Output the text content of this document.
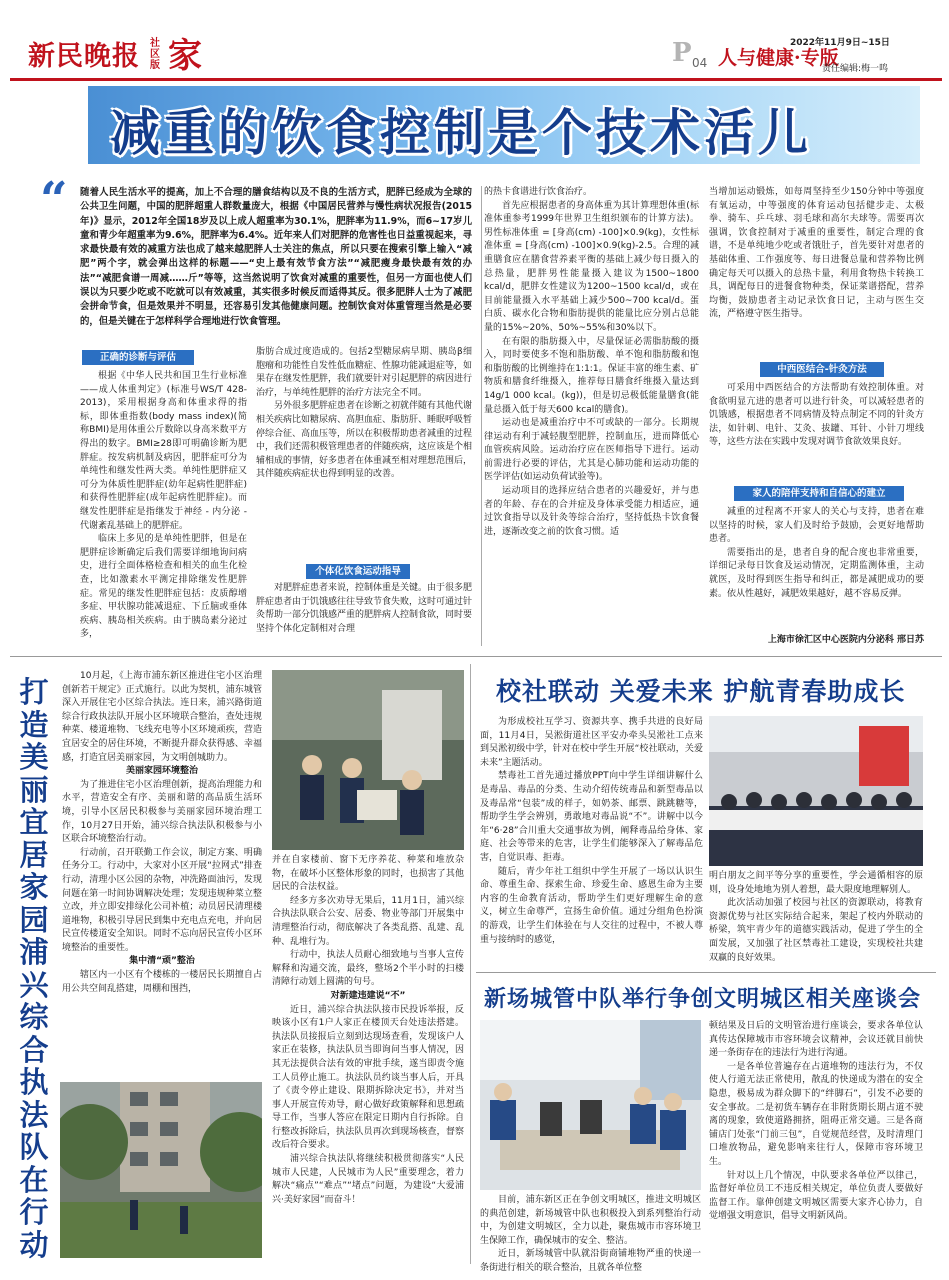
新民晚报 社区版 家	P 04 人与健康·专版
2022年11月9日~15日
责任编辑:梅一鸣
减重的饮食控制是个技术活儿
“ 随着人民生活水平的提高，加上不合理的膳食结构以及不良的生活方式，肥胖已经成为全球的公共卫生问题，中国的肥胖超重人群数量庞大，根据《中国居民营养与慢性病状况报告(2015年)》显示，2012年全国18岁及以上成人超重率为30.1%，肥胖率为11.9%，而6~17岁儿童和青少年超重率为9.6%，肥胖率为6.4%。近年来人们对肥胖的危害性也日益重视起来，寻求最快最有效的减重方法也成了越来越肥胖人士关注的焦点，所以只要在搜索引擎上输入“减肥”两个字，就会弹出这样的标题——“史上最有效节食方法”“减肥瘦身最快最有效的办法”“减肥食谱一周减……斤”等等，这当然说明了饮食对减重的重要性，但另一方面也使人们误以为只要少吃或不吃就可以有效减重，其实很多时候反而适得其反。很多肥胖人士为了减肥会拼命节食，但是效果并不明显，还容易引发其他健康问题。控制饮食对体重管理当然是必要的，但是关键在于怎样科学合理地进行饮食管理。
正确的诊断与评估

根据《中华人民共和国卫生行业标准——成人体重判定》(标准号WS/T 428-2013)，采用根据身高和体重求得的指标，即体重指数(body mass index)(简称BMI)是用体重公斤数除以身高米数平方得出的数字。BMI≥28即可明确诊断为肥胖症。按发病机制及病因，肥胖症可分为单纯性和继发性两大类。单纯性肥胖症又可分为体质性肥胖症(幼年起病性肥胖症)和获得性肥胖症(成年起病性肥胖症)。而继发性肥胖症是指继发于神经 - 内分泌 - 代谢紊乱基础上的肥胖症。

临床上多见的是单纯性肥胖，但是在肥胖症诊断确定后我们需要详细地询问病史，进行全面体格检查和相关的血生化检查，比如激素水平测定排除继发性肥胖症。常见的继发性肥胖症包括：皮质醇增多症、甲状腺功能减退症、下丘脑或垂体疾病、胰岛相关疾病。由于胰岛素分泌过多，

脂肪合成过度造成的。包括2型糖尿病早期、胰岛β细胞瘤和功能性自发性低血糖症、性腺功能减退症等，如果存在继发性肥胖，我们就要针对引起肥胖的病因进行治疗，与单纯性肥胖的治疗方法完全不同。

另外很多肥胖症患者在诊断之初就伴随有其他代谢相关疾病比如糖尿病、高胆血症、脂肪肝、睡眠呼吸暂停综合征、高血压等，所以在积极帮助患者减重的过程中，我们还需积极管理患者的伴随疾病，这应该是个相辅相成的事情，好多患者在体重减至相对理想范围后，其伴随疾病症状也得到明显的改善。

个体化饮食运动指导

对肥胖症患者来说，控制体重是关键。由于很多肥胖症患者由于饥饿感往往导致节食失败，这时可通过针灸帮助一部分饥饿感严重的肥胖病人控制食欲，同时要坚持个体化定制相对合理

的热卡食谱进行饮食治疗。

首先应根据患者的身高体重为其计算理想体重(标准体重参考1999年世界卫生组织颁布的计算方法)。男性标准体重 = [身高(cm) -100]×0.9(kg)，女性标准体重 = [身高(cm) -100]×0.9(kg)-2.5。合理的减重膳食应在膳食营养素平衡的基础上减少每日摄入的总热量，肥胖男性能量摄入建议为1500~1800 kcal/d，肥胖女性建议为1200~1500 kcal/d，或在目前能量摄入水平基础上减少500~700 kcal/d。蛋白质、碳水化合物和脂肪提供的能量比应分别占总能量的15%~20%、50%~55%和30%以下。

在有限的脂肪摄入中，尽量保证必需脂肪酸的摄入，同时要使多不饱和脂肪酸、单不饱和脂肪酸和饱和脂肪酸的比例维持在1:1:1。保证丰富的维生素、矿物质和膳食纤维摄入，推荐每日膳食纤维摄入量达到14g/1 000 kcal。(kg))，但是切忌极低能量膳食(能量总摄入低于每天600 kcal的膳食)。

运动也是减重治疗中不可或缺的一部分。长期规律运动有利于减轻腹型肥胖，控制血压，进而降低心血管疾病风险。运动治疗应在医师指导下进行。运动前需进行必要的评估，尤其是心肺功能和运动功能的医学评估(如运动负荷试验等)。

运动项目的选择应结合患者的兴趣爱好，并与患者的年龄、存在的合并症及身体承受能力相适应，通过饮食指导以及针灸等综合治疗，坚持低热卡饮食餐进，逐渐改变之前的饮食习惯。适

当增加运动锻炼，如每周坚持至少150分钟中等强度有氧运动，中等强度的体育运动包括健步走、太极拳、骑车、乒乓球、羽毛球和高尔夫球等。需要再次强调，饮食控制对于减重的重要性，制定合理的食谱，不是单纯地少吃或者饿肚子，首先要针对患者的基础体重、工作强度等、每日进餐总量和营养物比例确定每天可以摄入的总热卡量，利用食物热卡转换工具，调配每日的进餐食物种类，保证菜谱搭配，营养均衡，鼓励患者主动记录饮食日记，主动与医生交流，严格遵守医生指导。

中西医结合-针灸方法

可采用中西医结合的方法帮助有效控制体重。对食欲明显亢进的患者可以进行针灸，可以减轻患者的饥饿感，根据患者不同病情及特点制定不同的针灸方法，如针刺、电针、艾灸、拔罐、耳针、小针刀埋线等，这些方法在实践中发现对调节食欲效果良好。

家人的陪伴支持和自信心的建立

减重的过程离不开家人的关心与支持，患者在难以坚持的时候，家人们及时给予鼓励，会更好地帮助患者。

需要指出的是，患者自身的配合度也非常重要，详细记录每日饮食及运动情况，定期监测体重，主动就医，及时得到医生指导和纠正，都是减肥成功的要素。依从性越好，减肥效果越好，越不容易反弹。

上海市徐汇区中心医院内分泌科 邢日苏
打造美丽宜居家园 浦兴综合执法队在行动

10月起，《上海市浦东新区推进住宅小区治理创新若干规定》正式施行。以此为契机，浦东城管深入开展住宅小区综合执法。连日来，浦兴路街道综合行政执法队开展小区环境联合整治，查处违规种菜、楼道堆物、飞线充电等小区环境顽疾，营造宜居安全的居住环境，不断提升群众获得感、幸福感，打造宜居美丽家园，为文明创城助力。

美丽家园环境整治

为了推进住宅小区治理创新，提高治理能力和水平，营造安全有序、美丽和谐的高品质生活环境，引导小区居民积极参与美丽家园环境治理工作，10月27日开始，浦兴综合执法队积极参与小区联合环境整治行动。

行动前，召开联勤工作会议，制定方案、明确任务分工。行动中，大家对小区开展“拉网式”排查行动，清理小区公园的杂物，冲洗路面油污，发现问题在第一时间协调解决处理；发现违规种菜立整立改，并立即安排绿化公司补植；动员居民清理楼道堆物，积极引导居民到集中充电点充电，并向居民宣传楼道安全知识。同时不忘向居民宣传小区环境整治的重要性。

集中清“顽”整治

辖区内一小区有个楼栋的一楼居民长期擅自占用公共空间乱搭建，周棚和围挡，

并在自家楼前、窗下无序养花、种菜和堆放杂物，在破坏小区整体形象的同时，也损害了其他居民的合法权益。

经多方多次劝导无果后，11月1日，浦兴综合执法队联合公安、居委、物业等部门开展集中清理整治行动，彻底解决了各类乱搭、乱建、乱种、乱堆行为。

行动中，执法人员耐心细致地与当事人宣传解释和沟通交流，最终，整场2个半小时的扫楼清障行动划上圆满的句号。

对新建违建说“不”

近日，浦兴综合执法队接市民投诉举报，反映该小区有1户人家正在楼顶天台处违法搭建。执法队员接报后立刻到达现场查看，发现该户人家正在装修，执法队员当即询问当事人情况，因其无法提供合法有效的审批手续，遂当即责令施工人员停止施工。执法队员约谈当事人后，开具了《责令停止建设、限期拆除决定书》，并对当事人开展宣传劝导，耐心做好政策解释和思想疏导工作，当事人答应在限定日期内自行拆除。自行整改拆除后，执法队员再次到现场核查，督察改后符合要求。

浦兴综合执法队将继续积极贯彻落实“人民城市人民建，人民城市为人民”重要理念，着力解决“痛点”“难点”“堵点”问题，为建设“大爱浦兴·美好家园”而奋斗！

校社联动 关爱未来 护航青春助成长

为形成校社互学习、资源共享、携手共进的良好局面，11月4日，吴淞街道社区平安办牵头吴淞社工点来到吴淞初级中学，针对在校中学生开展“校社联动，关爱未来”主题活动。

禁毒社工首先通过播放PPT向中学生详细讲解什么是毒品、毒品的分类、生动介绍传统毒品和新型毒品以及毒品常“包装”成的样子，如奶茶、邮票、跳跳糖等，帮助学生学会辨别，勇敢地对毒品说“不”。讲解中以今年“6·28”合川重大交通事故为例，阐释毒品给身体、家庭、社会等带来的危害，让学生们能够深入了解毒品危害，自觉识毒、拒毒。

随后，青少年社工组织中学生开展了一场以认识生命、尊重生命、探索生命、珍爱生命、感恩生命为主要内容的生命教育活动，帮助学生们更好理解生命的意义，树立生命尊严，宣扬生命价值。通过分组角色扮演的游戏，让学生们体验在与人交往的过程中，不被人尊重与接纳时的感觉，

明白朋友之间平等分享的重要性，学会通循相容的原则，设身处地地为别人着想，最大限度地理解别人。

此次活动加强了校园与社区的资源联动，将教育资源优势与社区实际结合起来，架起了校内外联动的桥梁，筑牢青少年的道德实践活动，促进了学生的全面发展，又加强了社区禁毒社工建设，实现校社共建双赢的良好效果。

新场城管中队举行争创文明城区相关座谈会

目前，浦东新区正在争创文明城区，推进文明城区的典范创建，新场城管中队也积极投入到系列整治行动中，为创建文明城区，全力以赴，聚焦城市市容环境卫生保障工作，确保城市的安全、整洁。

近日，新场城管中队就沿街商铺堆物严重的快递一条街进行相关的联合整治，且就各单位整

顿结果及日后的文明管治进行座谈会，要求各单位认真传达保障城市市容环境会议精神，会议还就目前快递一条街存在的违法行为进行沟通。

一是各单位普遍存在占道堆物的违法行为，不仅使人行道无法正常使用，散乱的快递成为潜在的安全隐患，极易成为群众脚下的“绊脚石”，引发不必要的安全事故。二是初货车辆存在非附货期长期占道不驶离的现象，致使道路拥挤，阻碍正常交通。三是各商铺店门处张“门前三包”，自觉规范经营，及时清理门口堆放物品，避免影响来往行人，保障市容环境卫生。

针对以上几个情况，中队要求各单位严以律己，监督好单位员工不违反相关规定，单位负责人要做好监督工作。靠伸创建文明城区需要大家齐心协力，自觉增强文明意识，倡导文明新风尚。
